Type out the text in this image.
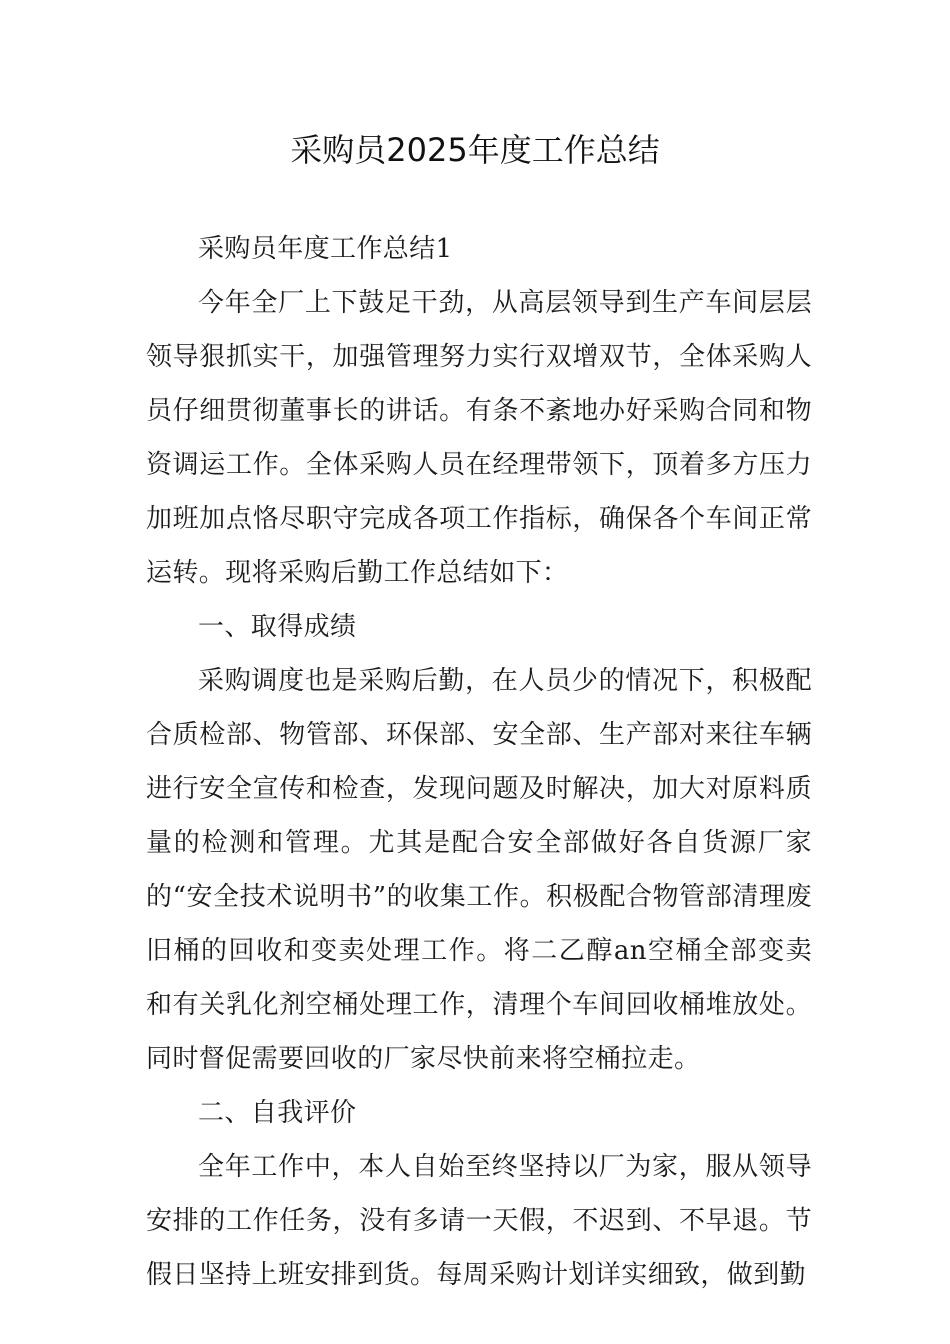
采购员2025年度工作总结

采购员年度工作总结1

今年全厂上下鼓足干劲，从高层领导到生产车间层层领导狠抓实干，加强管理努力实行双增双节，全体采购人员仔细贯彻董事长的讲话。有条不紊地办好采购合同和物资调运工作。全体采购人员在经理带领下，顶着多方压力加班加点恪尽职守完成各项工作指标，确保各个车间正常运转。现将采购后勤工作总结如下：

一、取得成绩

采购调度也是采购后勤，在人员少的情况下，积极配合质检部、物管部、环保部、安全部、生产部对来往车辆进行安全宣传和检查，发现问题及时解决，加大对原料质量的检测和管理。尤其是配合安全部做好各自货源厂家的“安全技术说明书”的收集工作。积极配合物管部清理废旧桶的回收和变卖处理工作。将二乙醇an空桶全部变卖和有关乳化剂空桶处理工作，清理个车间回收桶堆放处。同时督促需要回收的厂家尽快前来将空桶拉走。

二、自我评价

全年工作中，本人自始至终坚持以厂为家，服从领导安排的工作任务，没有多请一天假，不迟到、不早退。节假日坚持上班安排到货。每周采购计划详实细致，做到勤
